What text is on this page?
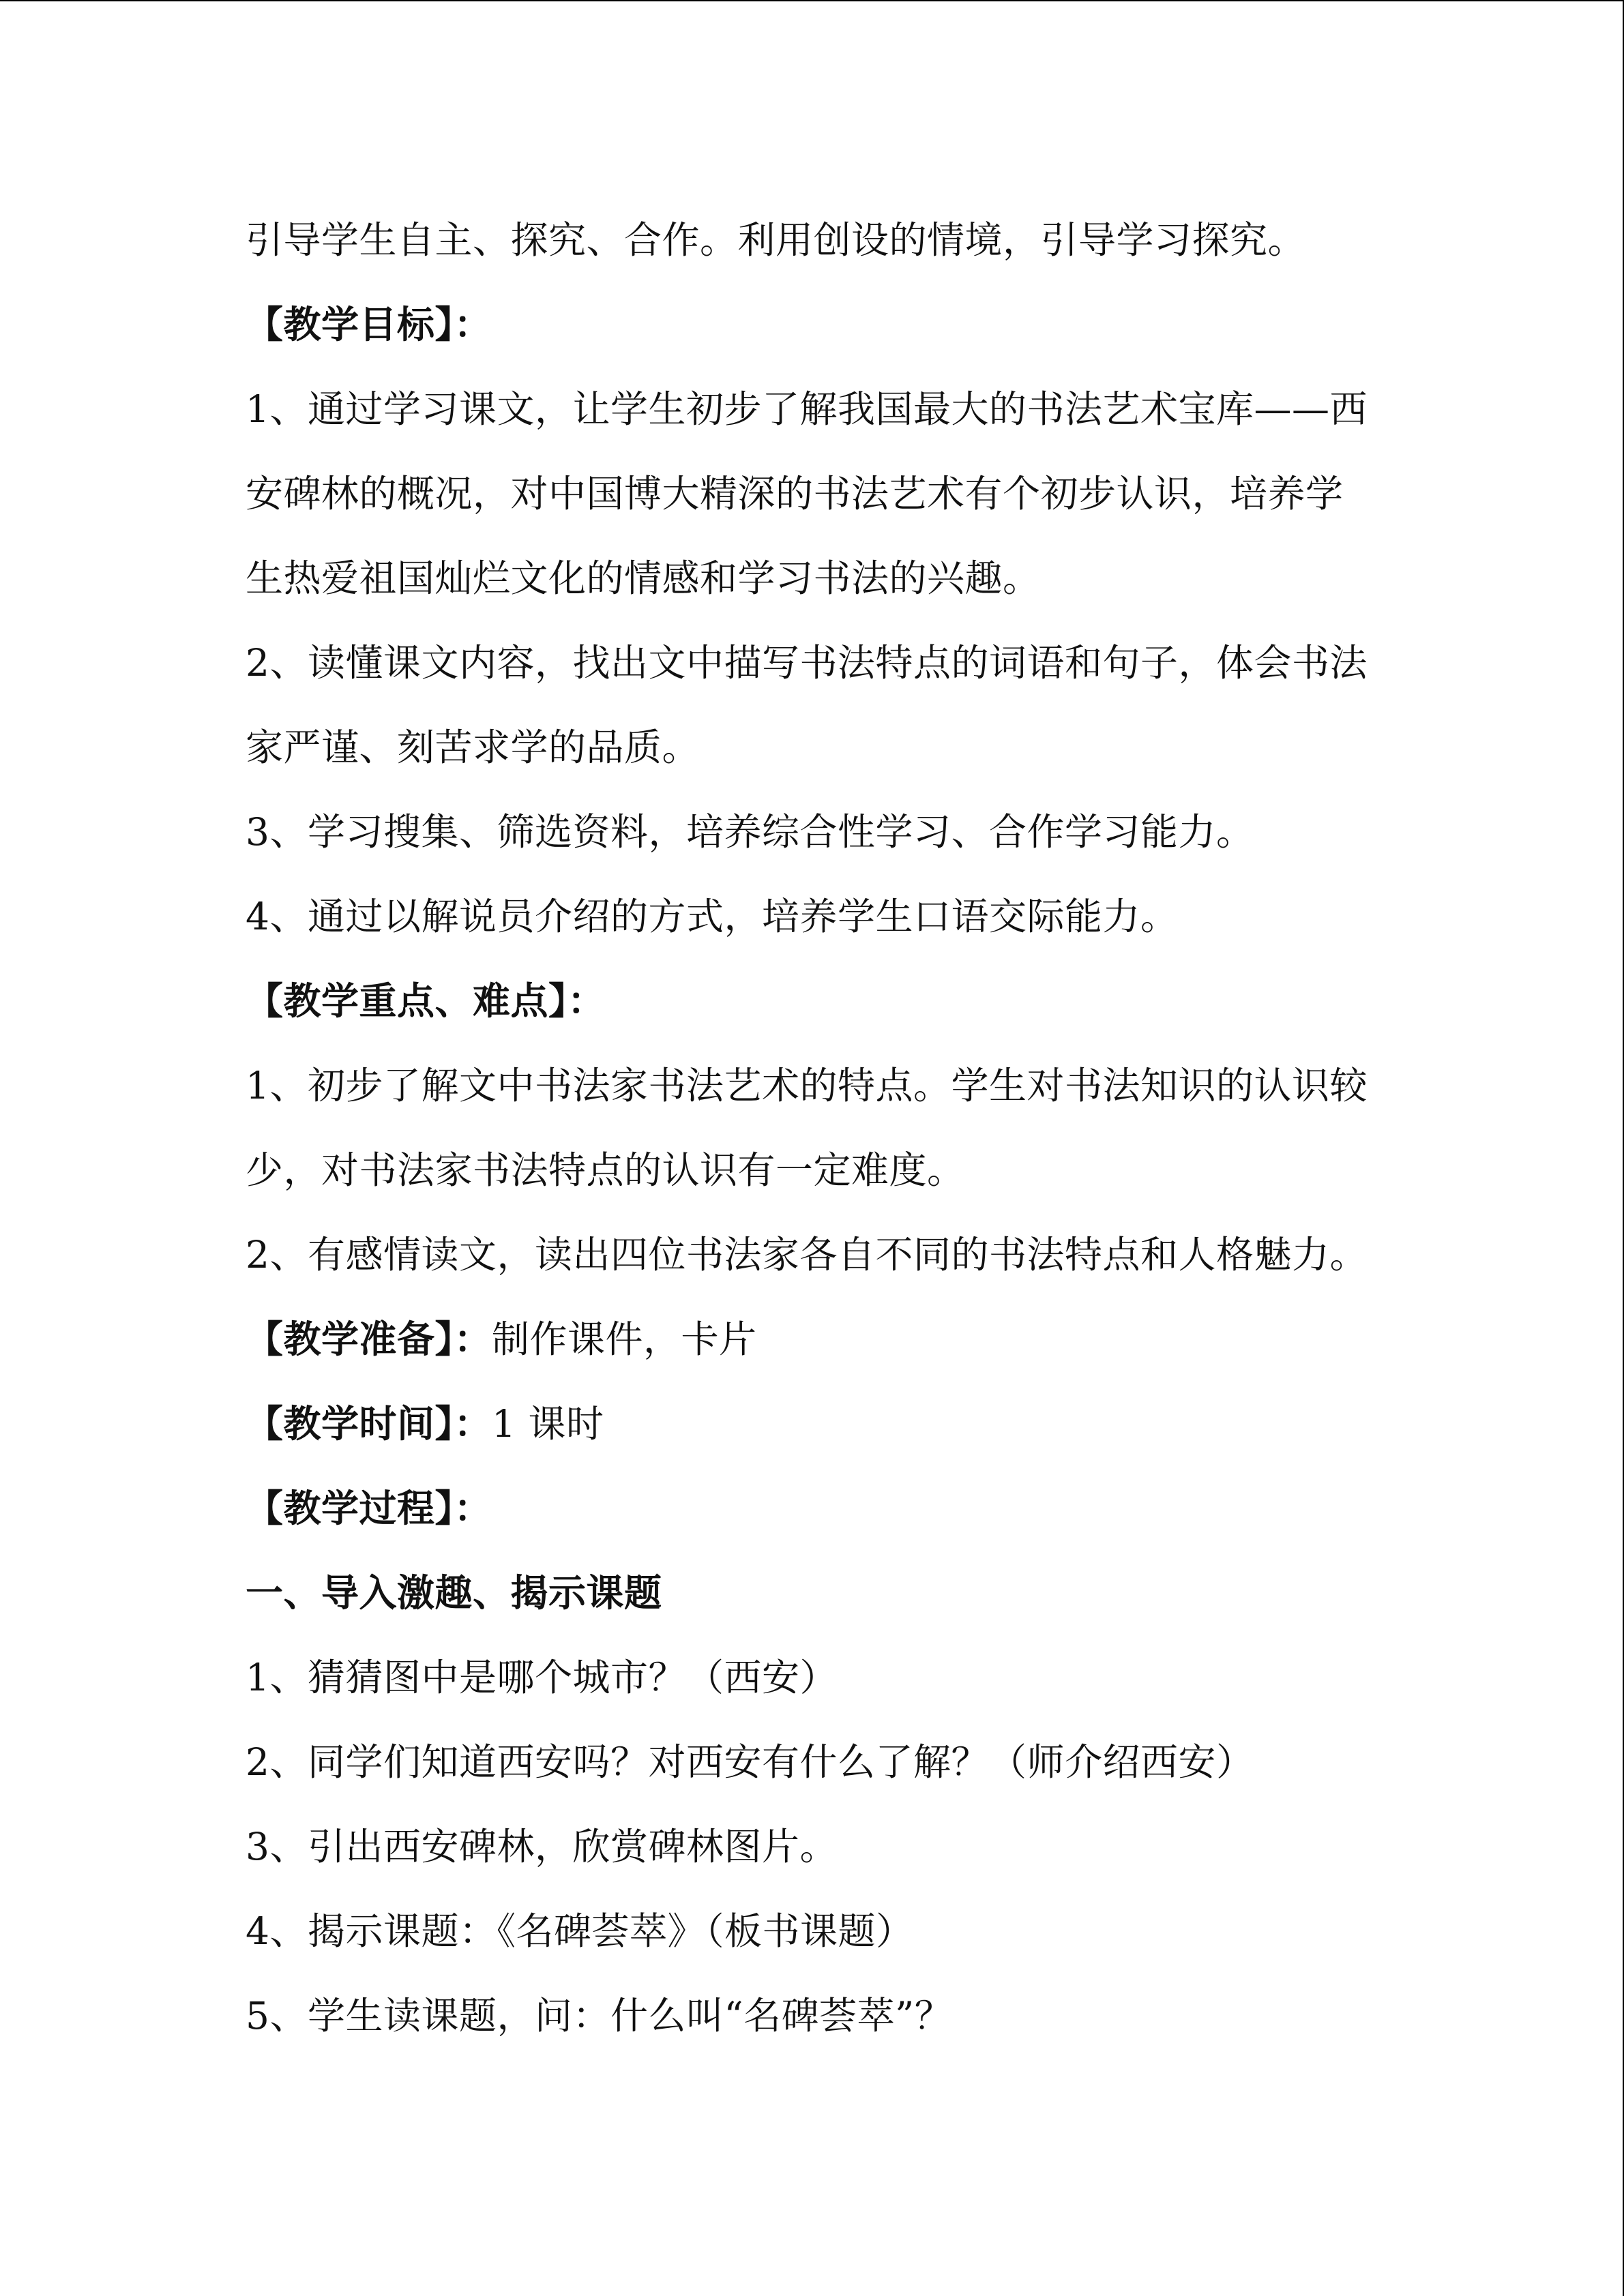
引导学生自主、探究、合作。利用创设的情境，引导学习探究。
【教学目标】：
1、通过学习课文，让学生初步了解我国最大的书法艺术宝库——西
安碑林的概况，对中国博大精深的书法艺术有个初步认识，培养学
生热爱祖国灿烂文化的情感和学习书法的兴趣。
2、读懂课文内容，找出文中描写书法特点的词语和句子，体会书法
家严谨、刻苦求学的品质。
3、学习搜集、筛选资料，培养综合性学习、合作学习能力。
4、通过以解说员介绍的方式，培养学生口语交际能力。
【教学重点、难点】：
1、初步了解文中书法家书法艺术的特点。学生对书法知识的认识较
少，对书法家书法特点的认识有一定难度。
2、有感情读文，读出四位书法家各自不同的书法特点和人格魅力。
【教学准备】：制作课件，卡片
【教学时间】：1 课时
【教学过程】：
一、导入激趣、揭示课题
1、猜猜图中是哪个城市？（西安）
2、同学们知道西安吗？对西安有什么了解？（师介绍西安）
3、引出西安碑林，欣赏碑林图片。
4、揭示课题：《名碑荟萃》（板书课题）
5、学生读课题，问：什么叫“名碑荟萃”？
